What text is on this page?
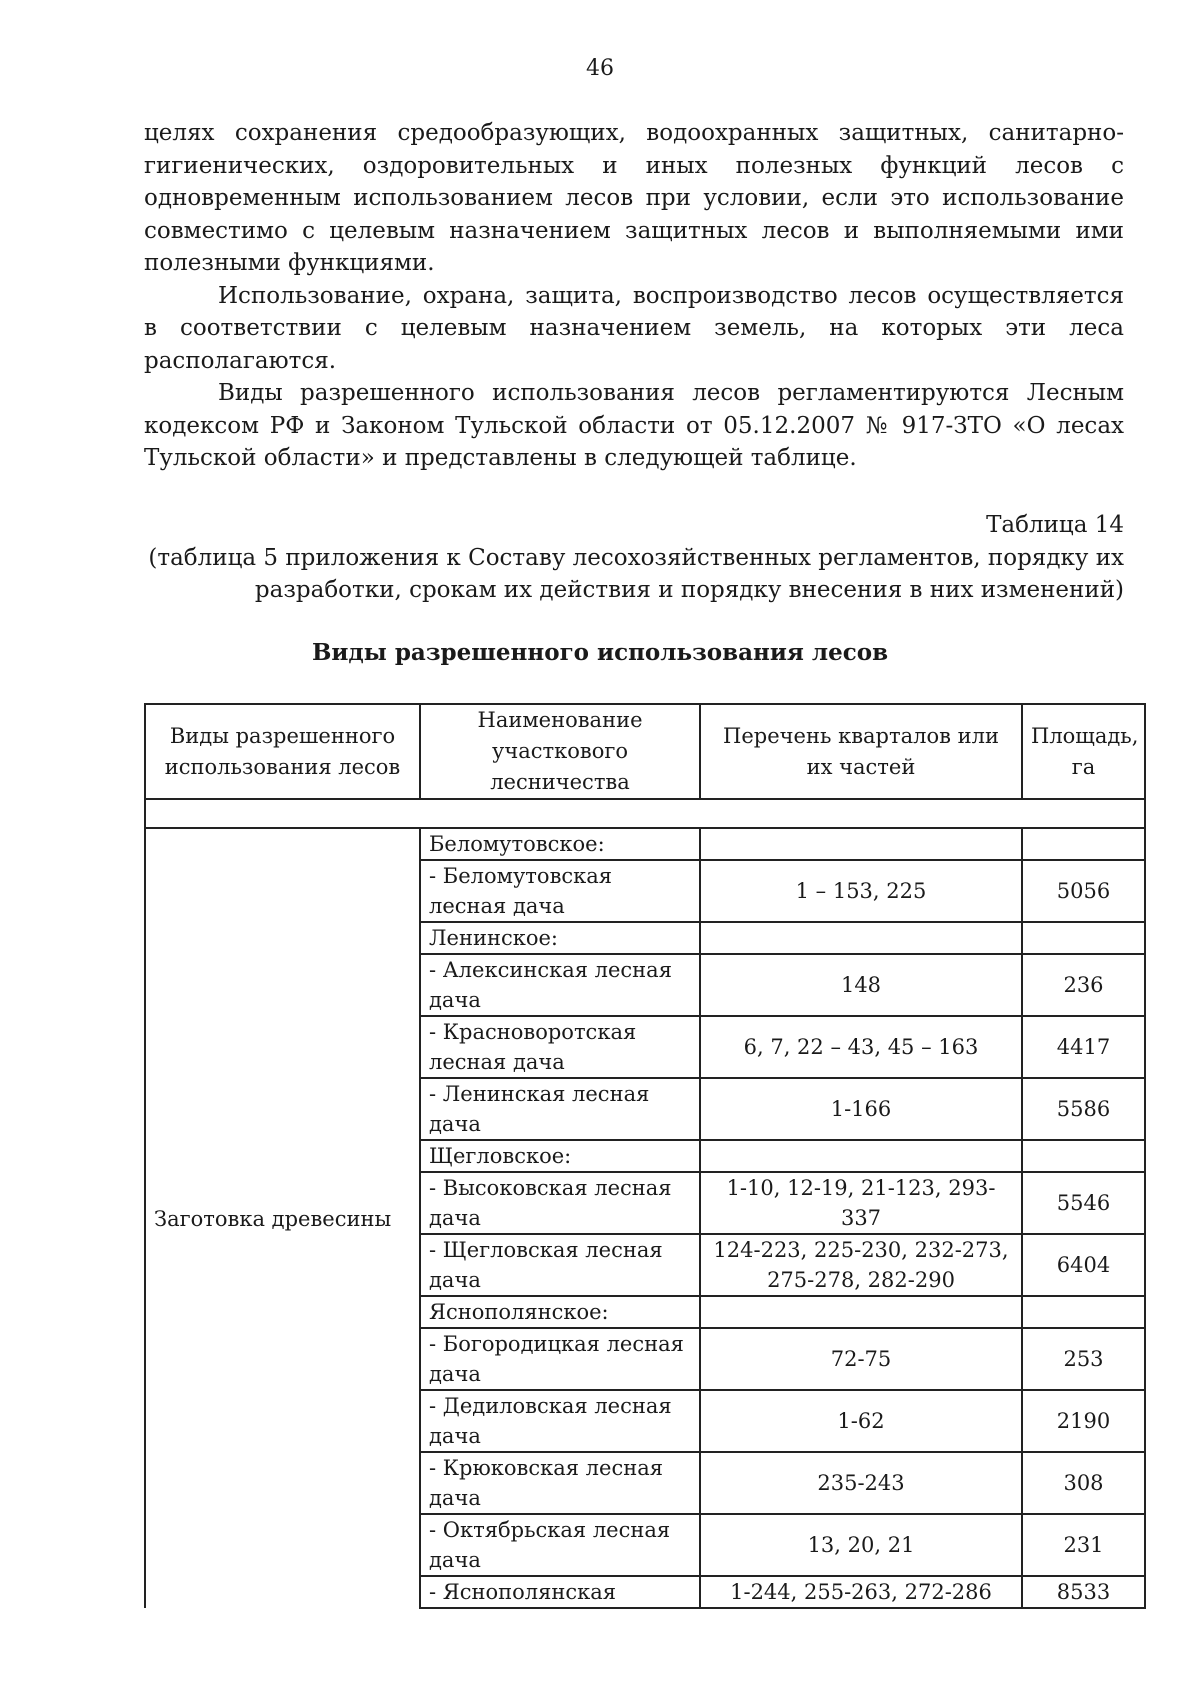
46

целях сохранения средообразующих, водоохранных защитных, санитарно-гигиенических, оздоровительных и иных полезных функций лесов с одновременным использованием лесов при условии, если это использование совместимо с целевым назначением защитных лесов и выполняемыми ими полезными функциями.

Использование, охрана, защита, воспроизводство лесов осуществляется в соответствии с целевым назначением земель, на которых эти леса располагаются.

Виды разрешенного использования лесов регламентируются Лесным кодексом РФ и Законом Тульской области от 05.12.2007 № 917-ЗТО «О лесах Тульской области» и представлены в следующей таблице.

Таблица 14
(таблица 5 приложения к Составу лесохозяйственных регламентов, порядку их
разработки, срокам их действия и порядку внесения в них изменений)
Виды разрешенного использования лесов
Виды разрешенного использования лесов	Наименование участкового лесничества	Перечень кварталов или их частей	Площадь, га

Заготовка древесины	Беломутовское:		
	- Беломутовская лесная дача	1 – 153, 225	5056
	Ленинское:		
	- Алексинская лесная дача	148	236
	- Красноворотская лесная дача	6, 7, 22 – 43, 45 – 163	4417
	- Ленинская лесная дача	1-166	5586
	Щегловское:		
	- Высоковская лесная дача	1-10, 12-19, 21-123, 293-337	5546
	- Щегловская лесная дача	124-223, 225-230, 232-273, 275-278, 282-290	6404
	Яснополянское:		
	- Богородицкая лесная дача	72-75	253
	- Дедиловская лесная дача	1-62	2190
	- Крюковская лесная дача	235-243	308
	- Октябрьская лесная дача	13, 20, 21	231
	- Яснополянская	1-244, 255-263, 272-286	8533
